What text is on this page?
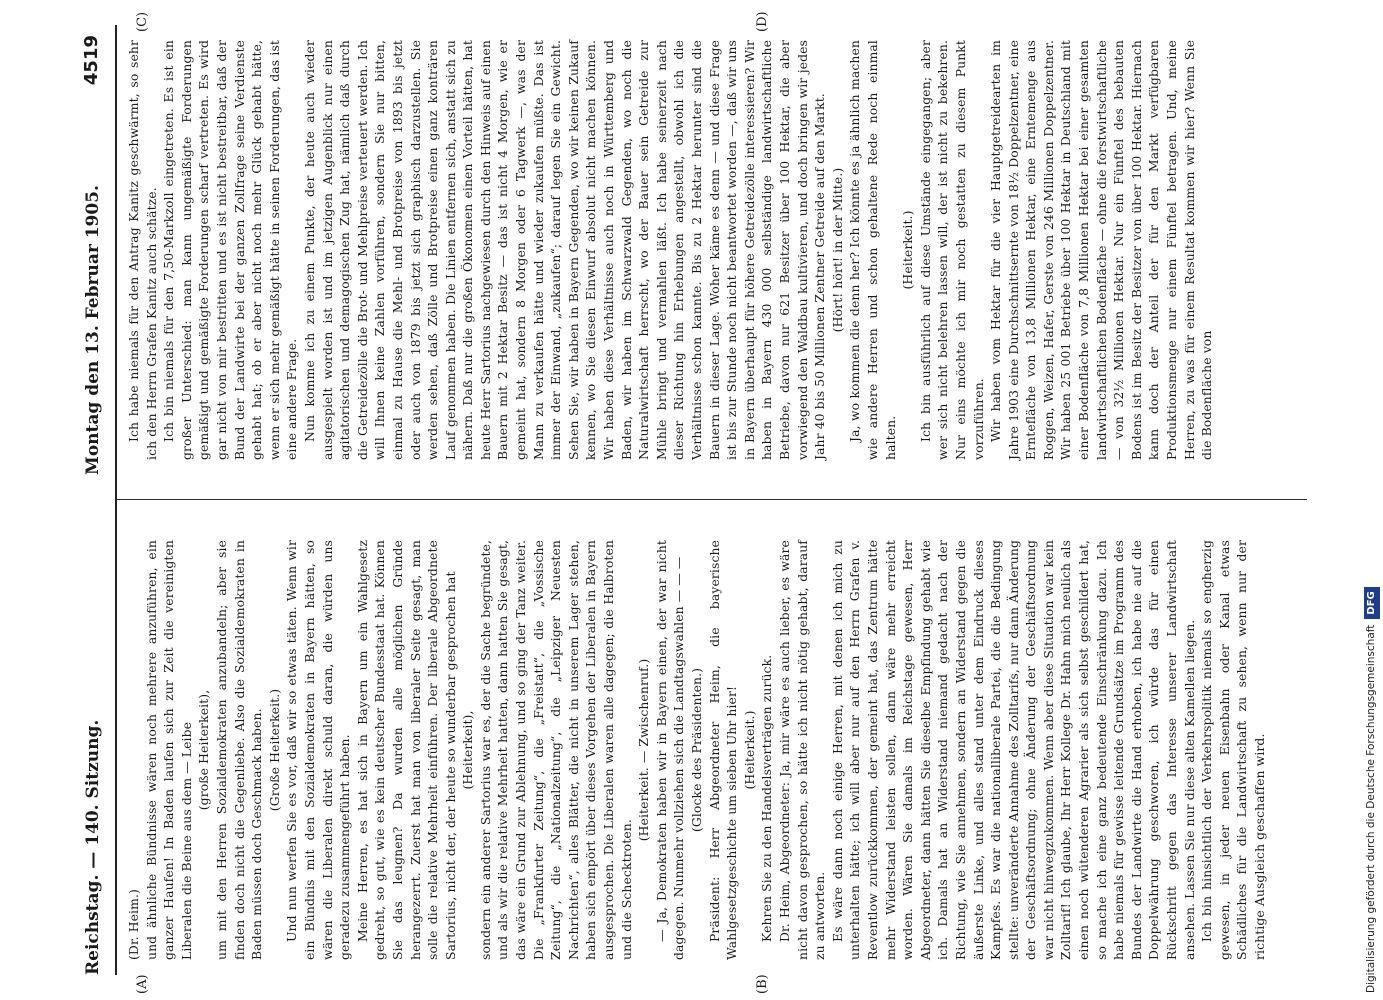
Reichstag. — 140. Sitzung.
Montag den 13. Februar 1905.
4519
(A)	(B)
(C)	(D)

(Dr. Heim.) und ähnliche Bündnisse wären noch mehrere anzuführen, ein ganzer Haufen! In Baden laufen sich zur Zeit die vereinigten Liberalen die Beine aus dem — Leibe (große Heiterkeit), um mit den Herren Sozialdemokraten anzubandeln; aber sie finden doch nicht die Gegenliebe. Also die Sozialdemokraten in Baden müssen doch Geschmack haben. (Große Heiterkeit.) Und nun werfen Sie es vor, daß wir so etwas täten. Wenn wir ein Bündnis mit den Sozialdemokraten in Bayern hätten, so wären die Liberalen direkt schuld daran, die würden uns geradezu zusammengeführt haben. Meine Herren, es hat sich in Bayern um ein Wahlgesetz gedreht, so gut, wie es kein deutscher Bundesstaat hat. Können Sie das leugnen? Da wurden alle möglichen Gründe herangezerrt. Zuerst hat man von liberaler Seite gesagt, man solle die relative Mehrheit einführen. Der liberale Abgeordnete Sartorius, nicht der, der heute so wunderbar gesprochen hat (Heiterkeit), sondern ein anderer Sartorius war es, der die Sache begründete, und als wir die relative Mehrheit hatten, dann hatten Sie gesagt, das wäre ein Grund zur Ablehnung, und so ging der Tanz weiter. Die „Frankfurter Zeitung“, die „Freistatt“, die „Vossische Zeitung“, die „Nationalzeitung“, die „Leipziger Neuesten Nachrichten“, alles Blätter, die nicht in unserem Lager stehen, haben sich empört über dieses Vorgehen der Liberalen in Bayern ausgesprochen. Die Liberalen waren alle dagegen; die Halbroten und die Schecktroten.

(Heiterkeit. — Zwischenruf.) — Ja, Demokraten haben wir in Bayern einen, der war nicht dagegen. Nunmehr vollziehen sich die Landtagswahlen — — — (Glocke des Präsidenten.) Präsident: Herr Abgeordneter Heim, die bayerische Wahlgesetzgeschichte um sieben Uhr hier! (Heiterkeit.) Kehren Sie zu den Handelsverträgen zurück. Dr. Heim, Abgeordneter: Ja, mir wäre es auch lieber, es wäre nicht davon gesprochen, so hätte ich nicht nötig gehabt, darauf zu antworten. Es wäre dann noch einige Herren, mit denen ich mich zu unterhalten hätte; ich will aber nur auf den Herrn Grafen v. Reventlow zurückkommen, der gemeint hat, das Zentrum hätte mehr Widerstand leisten sollen, dann wäre mehr erreicht worden. Wären Sie damals im Reichstage gewesen, Herr Abgeordneter, dann hätten Sie dieselbe Empfindung gehabt wie ich. Damals hat an Widerstand niemand gedacht nach der Richtung, wie Sie annehmen, sondern an Widerstand gegen die äußerste Linke, und alles stand unter dem Eindruck dieses Kampfes. Es war die nationalliberale Partei, die die Bedingung stellte: unveränderte Annahme des Zolltarifs, nur dann Änderung der Geschäftsordnung; ohne Änderung der Geschäftsordnung war nicht hinwegzukommen. Wenn aber diese Situation war kein Zolltarif! Ich glaube, Ihr Herr Kollege Dr. Hahn mich neulich als einen noch wütenderen Agrarier als sich selbst geschildert hat, so mache ich eine ganz bedeutende Einschränkung dazu. Ich habe niemals für gewisse leitende Grundsätze im Programm des Bundes der Landwirte die Hand erhoben, ich habe nie auf die Doppelwährung geschworen, ich würde das für einen Rückschritt gegen das Interesse unserer Landwirtschaft ansehen. Lassen Sie nur diese alten Kamellen liegen. Ich bin hinsichtlich der Verkehrspolitik niemals so engherzig gewesen, in jeder neuen Eisenbahn oder Kanal etwas Schädliches für die Landwirtschaft zu sehen, wenn nur der richtige Ausgleich geschaffen wird.

Ich habe niemals für den Antrag Kanitz geschwärmt, so sehr ich den Herrn Grafen Kanitz auch schätze. Ich bin niemals für den 7,50-Markzoll eingetreten. Es ist ein großer Unterschied: man kann ungemäßigte Forderungen gemäßigt und gemäßigte Forderungen scharf vertreten. Es wird gar nicht von mir bestritten und es ist nicht bestreitbar, daß der Bund der Landwirte bei der ganzen Zollfrage seine Verdienste gehabt hat; ob er aber nicht noch mehr Glück gehabt hätte, wenn er sich mehr gemäßigt hätte in seinen Forderungen, das ist eine andere Frage. Nun komme ich zu einem Punkte, der heute auch wieder ausgespielt worden ist und im jetzigen Augenblick nur einen agitatorischen und demagogischen Zug hat, nämlich daß durch die Getreidezölle die Brot- und Mehlpreise verteuert werden. Ich will Ihnen keine Zahlen vorführen, sondern Sie nur bitten, einmal zu Hause die Mehl- und Brotpreise von 1893 bis jetzt oder auch von 1879 bis jetzt sich graphisch darzustellen. Sie werden sehen, daß Zölle und Brotpreise einen ganz konträren Lauf genommen haben. Die Linien entfernen sich, anstatt sich zu nähern. Daß nur die großen Ökonomen einen Vorteil hätten, hat heute Herr Sartorius nachgewiesen durch den Hinweis auf einen Bauern mit 2 Hektar Besitz — das ist nicht 4 Morgen, wie er gemeint hat, sondern 8 Morgen oder 6 Tagwerk —, was der Mann zu verkaufen hätte und wieder zukaufen müßte. Das ist immer der Einwand, „zukaufen“; darauf legen Sie ein Gewicht. Sehen Sie, wir haben in Bayern Gegenden, wo wir keinen Zukauf kennen, wo Sie diesen Einwurf absolut nicht machen können. Wir haben diese Verhältnisse auch noch in Württemberg und Baden, wir haben im Schwarzwald Gegenden, wo noch die Naturalwirtschaft herrscht, wo der Bauer sein Getreide zur Mühle bringt und vermahlen läßt. Ich habe seinerzeit nach dieser Richtung hin Erhebungen angestellt, obwohl ich die Verhältnisse schon kannte. Bis zu 2 Hektar herunter sind die Bauern in dieser Lage. Woher käme es denn — und diese Frage ist bis zur Stunde noch nicht beantwortet worden —, daß wir uns in Bayern überhaupt für höhere Getreidezölle interessieren? Wir haben in Bayern 430 000 selbständige landwirtschaftliche Betriebe, davon nur 621 Besitzer über 100 Hektar, die aber vorwiegend den Waldbau kultivieren, und doch bringen wir jedes Jahr 40 bis 50 Millionen Zentner Getreide auf den Markt. (Hört! hört! in der Mitte.) Ja, wo kommen die denn her? Ich könnte es ja ähnlich machen wie andere Herren und schon gehaltene Rede noch einmal halten.

(Heiterkeit.) Ich bin ausführlich auf diese Umstände eingegangen; aber wer sich nicht belehren lassen will, der ist nicht zu bekehren. Nur eins möchte ich mir noch gestatten zu diesem Punkt vorzuführen. Wir haben vom Hektar für die vier Hauptgetreidearten im Jahre 1903 eine Durchschnittsernte von 18½ Doppelzentner, eine Ernteﬂäche von 13,8 Millionen Hektar, eine Erntemenge aus Roggen, Weizen, Hafer, Gerste von 246 Millionen Doppelzentner. Wir haben 25 001 Betriebe über 100 Hektar in Deutschland mit einer Bodenfläche von 7,8 Millionen Hektar bei einer gesamten landwirtschaftlichen Bodenfläche — ohne die forstwirtschaftliche — von 32½ Millionen Hektar. Nur ein Fünftel des bebauten Bodens ist im Besitz der Besitzer von über 100 Hektar. Hiernach kann doch der Anteil der für den Markt verfügbaren Produktionsmenge nur einem Fünftel betragen. Und, meine Herren, zu was für einem Resultat kommen wir hier? Wenn Sie die Bodenfläche von

Digitalisierung gefördert durch die Deutsche ForschungsgemeinschaftDFG
